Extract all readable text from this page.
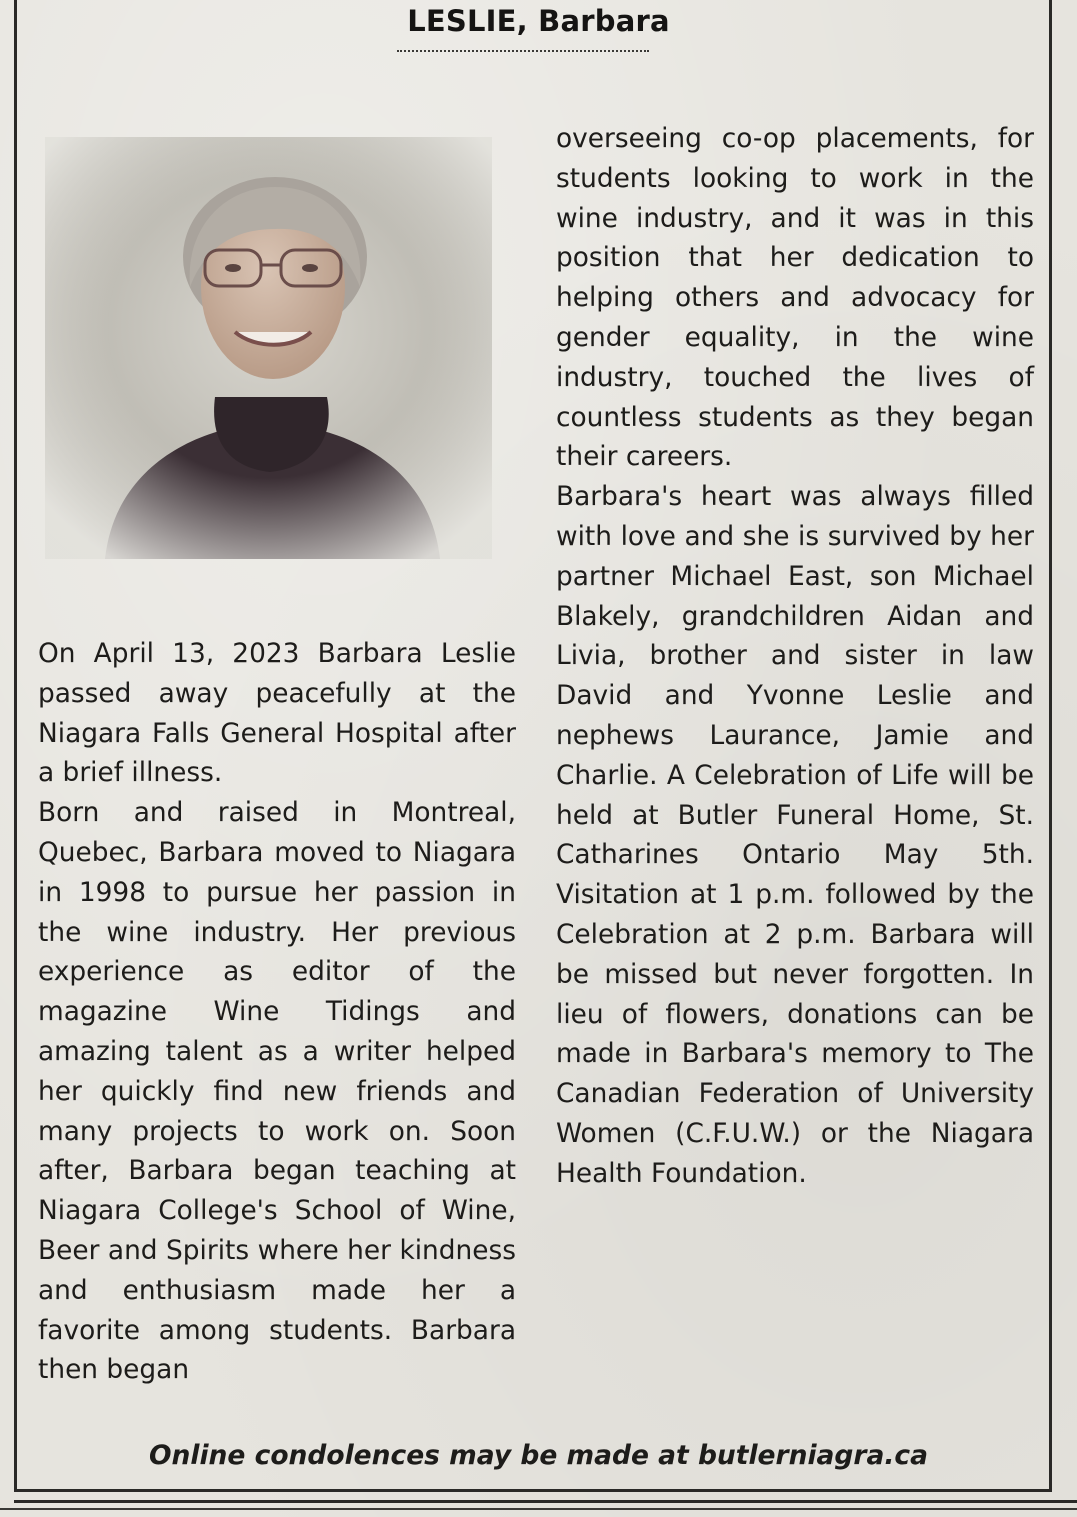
LESLIE, Barbara

On April 13, 2023 Barbara Leslie passed away peacefully at the Niagara Falls General Hospital after a brief illness.

Born and raised in Montreal, Quebec, Barbara moved to Niagara in 1998 to pursue her passion in the wine industry. Her previous experience as editor of the magazine Wine Tidings and amazing talent as a writer helped her quickly find new friends and many projects to work on. Soon after, Barbara began teaching at Niagara College's School of Wine, Beer and Spirits where her kindness and enthusiasm made her a favorite among students. Barbara then began

overseeing co-op placements, for students looking to work in the wine industry, and it was in this position that her dedication to helping others and advocacy for gender equality, in the wine industry, touched the lives of countless students as they began their careers.

Barbara's heart was always filled with love and she is survived by her partner Michael East, son Michael Blakely, grandchildren Aidan and Livia, brother and sister in law David and Yvonne Leslie and nephews Laurance, Jamie and Charlie. A Celebration of Life will be held at Butler Funeral Home, St. Catharines Ontario May 5th. Visitation at 1 p.m. followed by the Celebration at 2 p.m. Barbara will be missed but never forgotten. In lieu of flowers, donations can be made in Barbara's memory to The Canadian Federation of University Women (C.F.U.W.) or the Niagara Health Foundation.

Online condolences may be made at butlerniagra.ca
